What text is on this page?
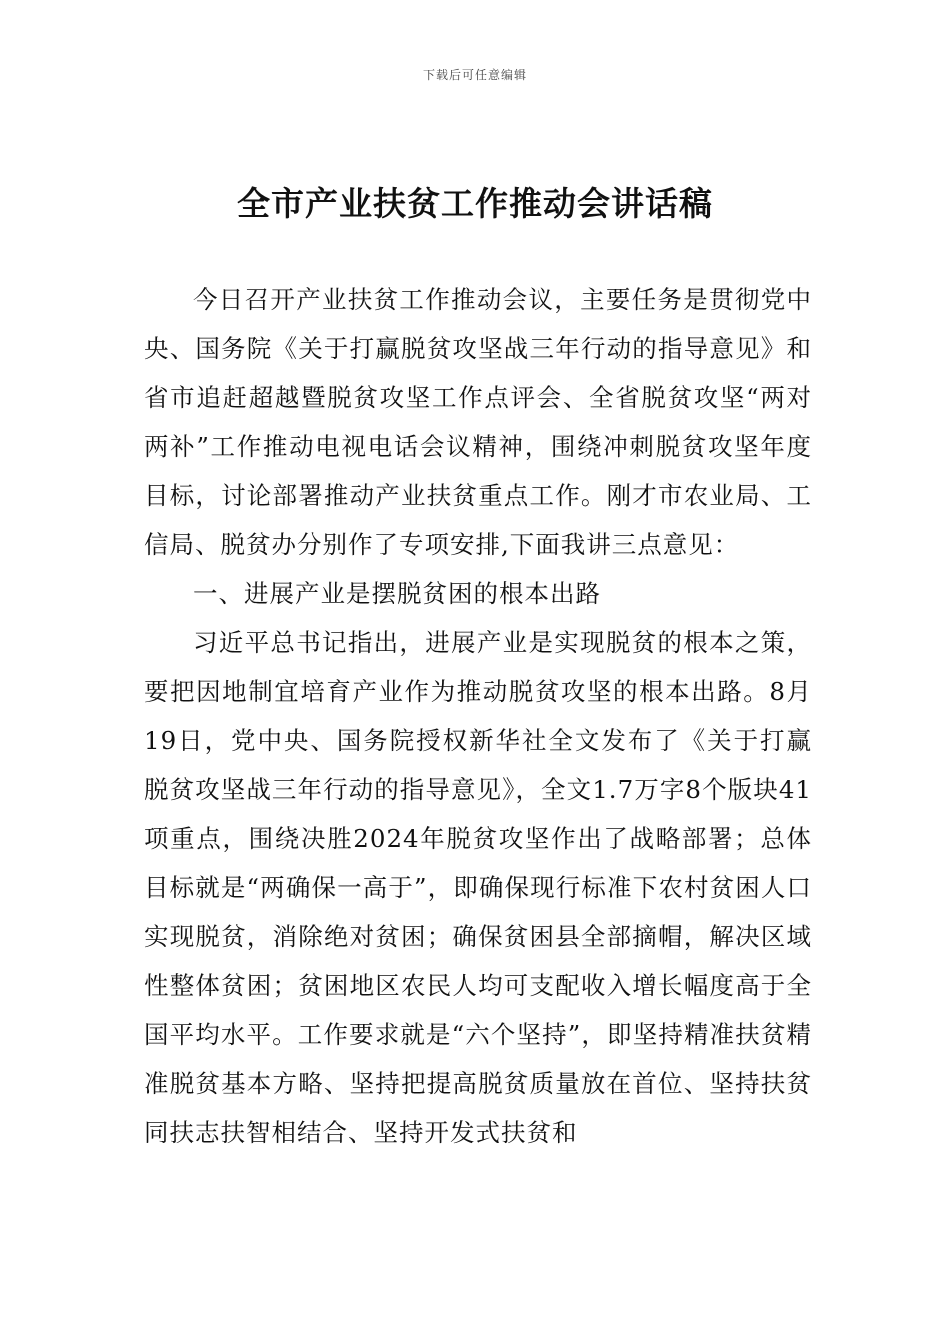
下载后可任意编辑
全市产业扶贫工作推动会讲话稿

今日召开产业扶贫工作推动会议，主要任务是贯彻党中央、国务院《关于打赢脱贫攻坚战三年行动的指导意见》和省市追赶超越暨脱贫攻坚工作点评会、全省脱贫攻坚“两对两补”工作推动电视电话会议精神，围绕冲刺脱贫攻坚年度目标，讨论部署推动产业扶贫重点工作。刚才市农业局、工信局、脱贫办分别作了专项安排,下面我讲三点意见：

一、进展产业是摆脱贫困的根本出路

习近平总书记指出，进展产业是实现脱贫的根本之策，要把因地制宜培育产业作为推动脱贫攻坚的根本出路。8月19日，党中央、国务院授权新华社全文发布了《关于打赢脱贫攻坚战三年行动的指导意见》，全文1.7万字8个版块41项重点，围绕决胜2024年脱贫攻坚作出了战略部署；总体目标就是“两确保一高于”，即确保现行标准下农村贫困人口实现脱贫，消除绝对贫困；确保贫困县全部摘帽，解决区域性整体贫困；贫困地区农民人均可支配收入增长幅度高于全国平均水平。工作要求就是“六个坚持”，即坚持精准扶贫精准脱贫基本方略、坚持把提高脱贫质量放在首位、坚持扶贫同扶志扶智相结合、坚持开发式扶贫和
